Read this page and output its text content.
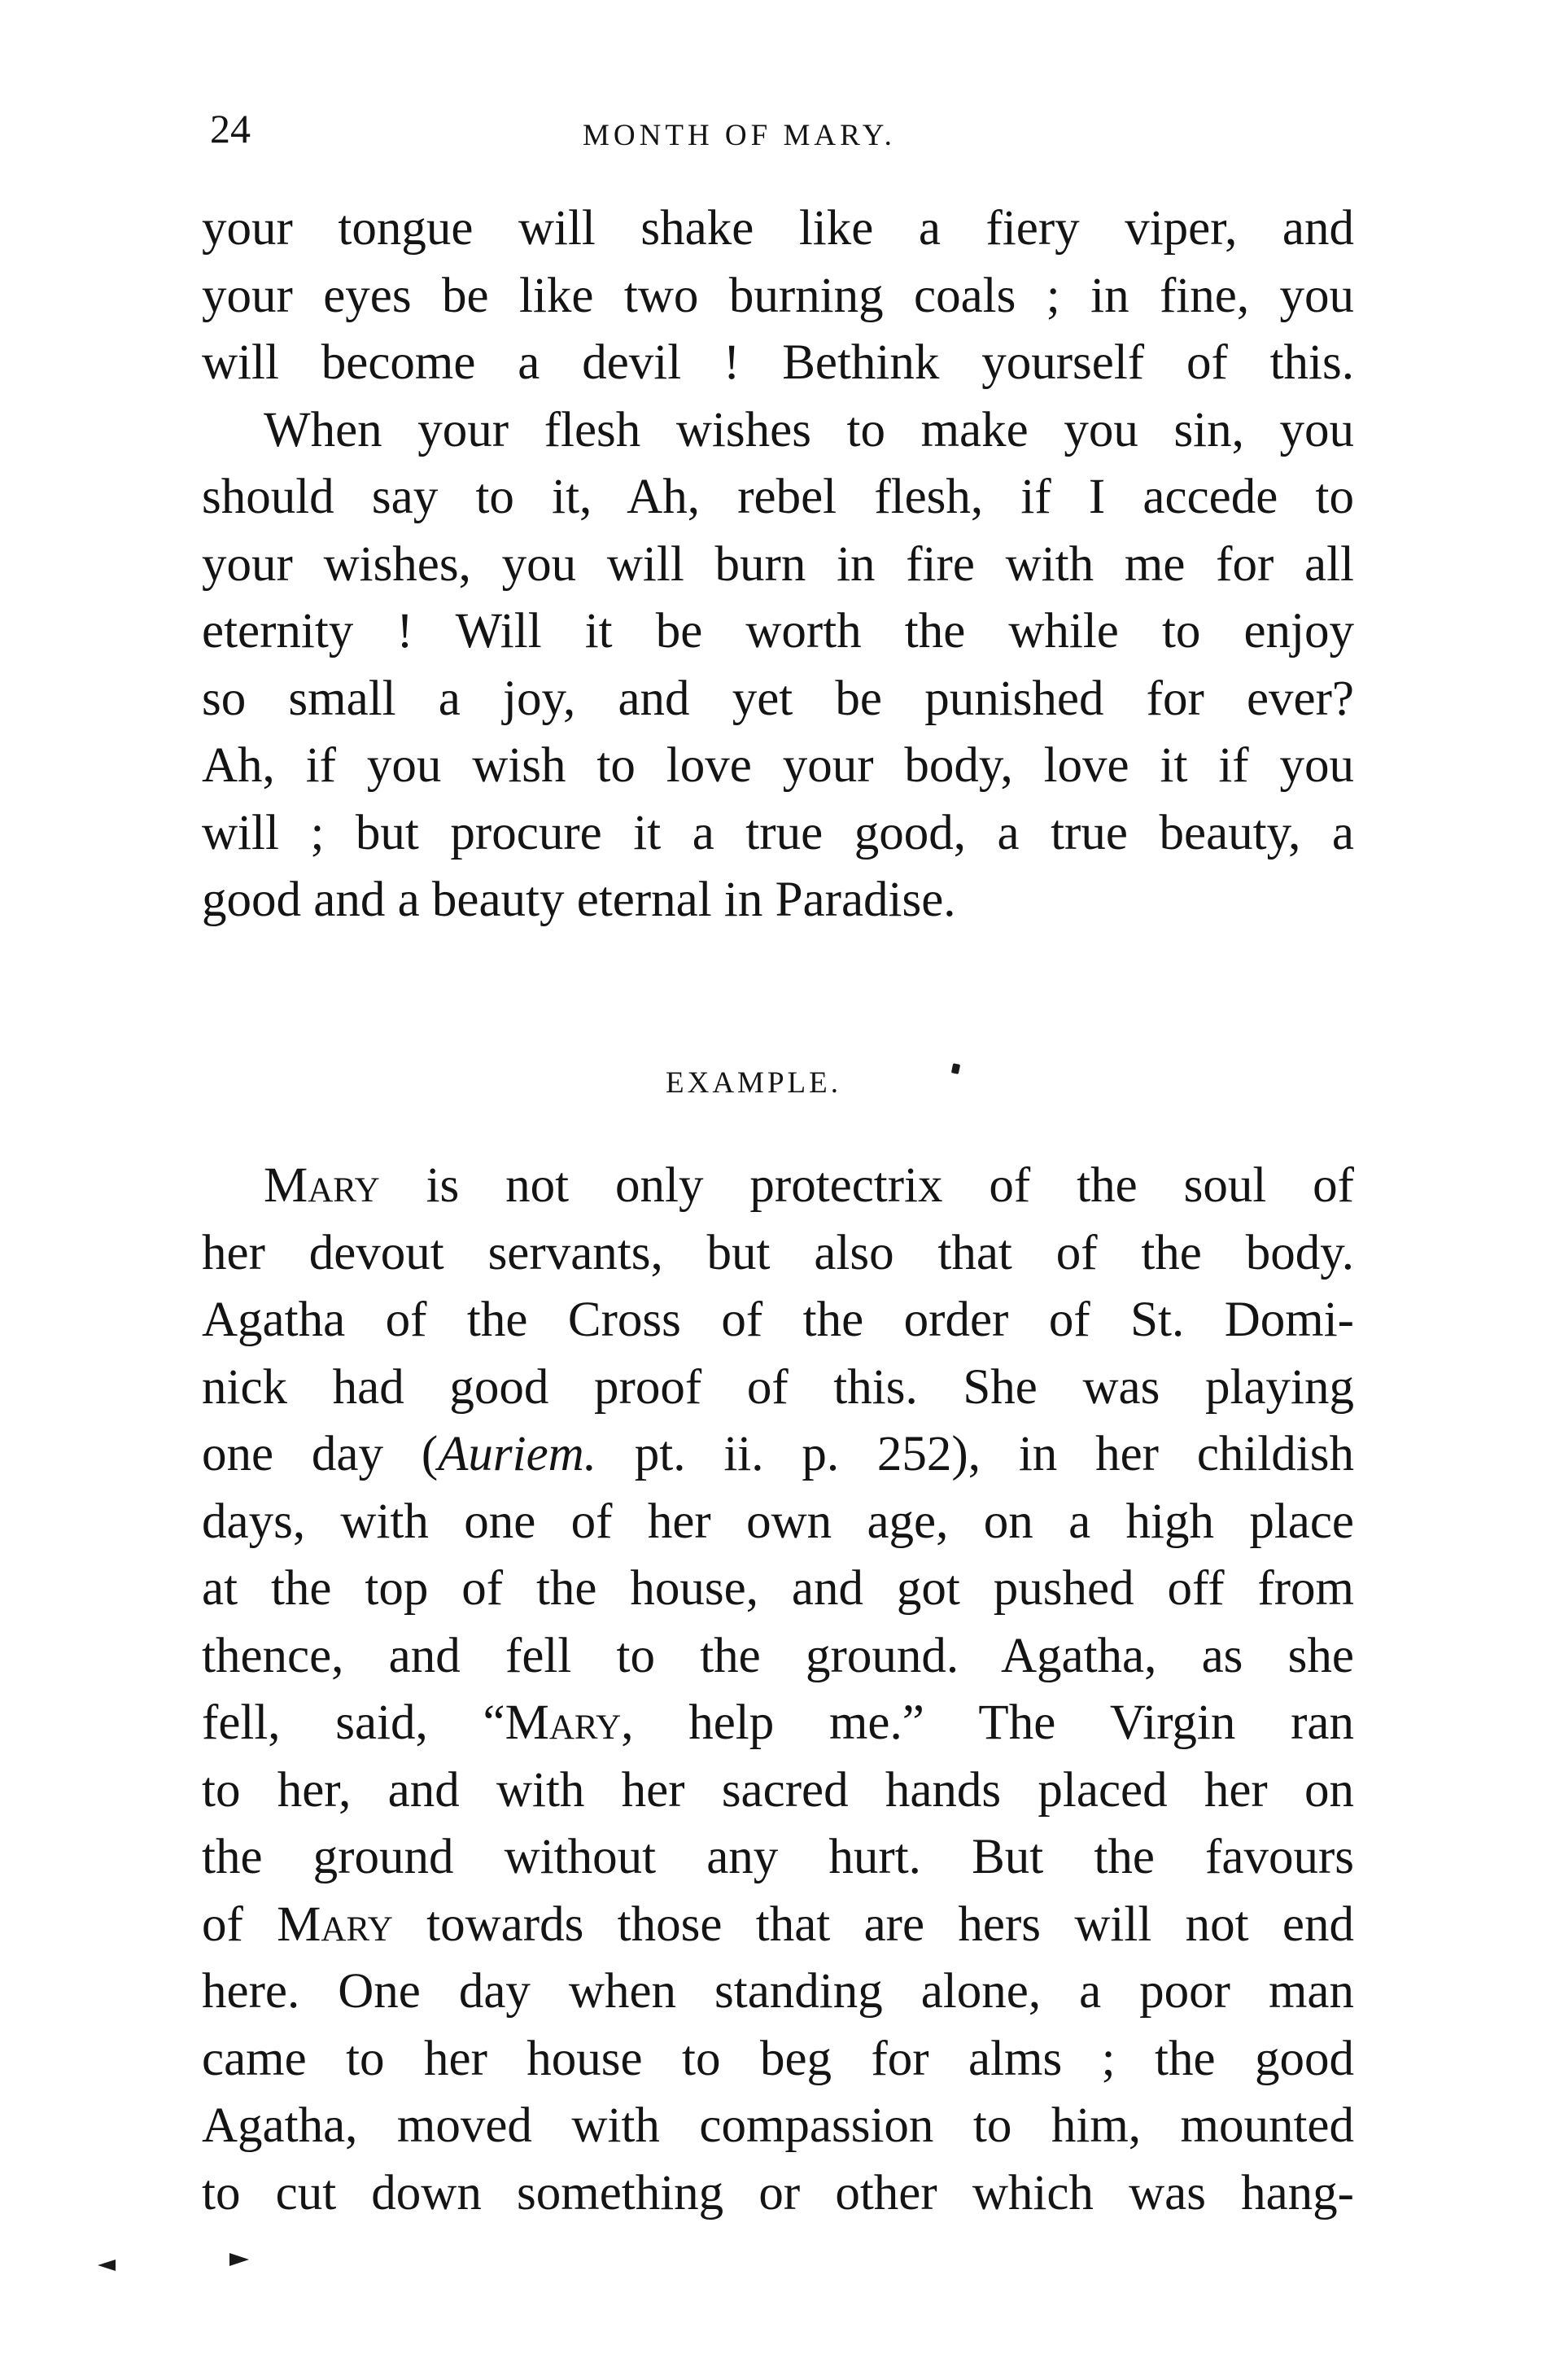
24	MONTH OF MARY.
your tongue will shake like a fiery viper, and
your eyes be like two burning coals ; in fine, you
will become a devil ! Bethink yourself of this.
When your flesh wishes to make you sin, you
should say to it, Ah, rebel flesh, if I accede to
your wishes, you will burn in fire with me for all
eternity ! Will it be worth the while to enjoy
so small a joy, and yet be punished for ever?
Ah, if you wish to love your body, love it if you
will ; but procure it a true good, a true beauty, a
good and a beauty eternal in Paradise.
EXAMPLE.
Mary is not only protectrix of the soul of
her devout servants, but also that of the body.
Agatha of the Cross of the order of St. Domi-
nick had good proof of this. She was playing
one day (Auriem. pt. ii. p. 252), in her childish
days, with one of her own age, on a high place
at the top of the house, and got pushed off from
thence, and fell to the ground. Agatha, as she
fell, said, “Mary, help me.” The Virgin ran
to her, and with her sacred hands placed her on
the ground without any hurt. But the favours
of Mary towards those that are hers will not end
here. One day when standing alone, a poor man
came to her house to beg for alms ; the good
Agatha, moved with compassion to him, mounted
to cut down something or other which was hang-
